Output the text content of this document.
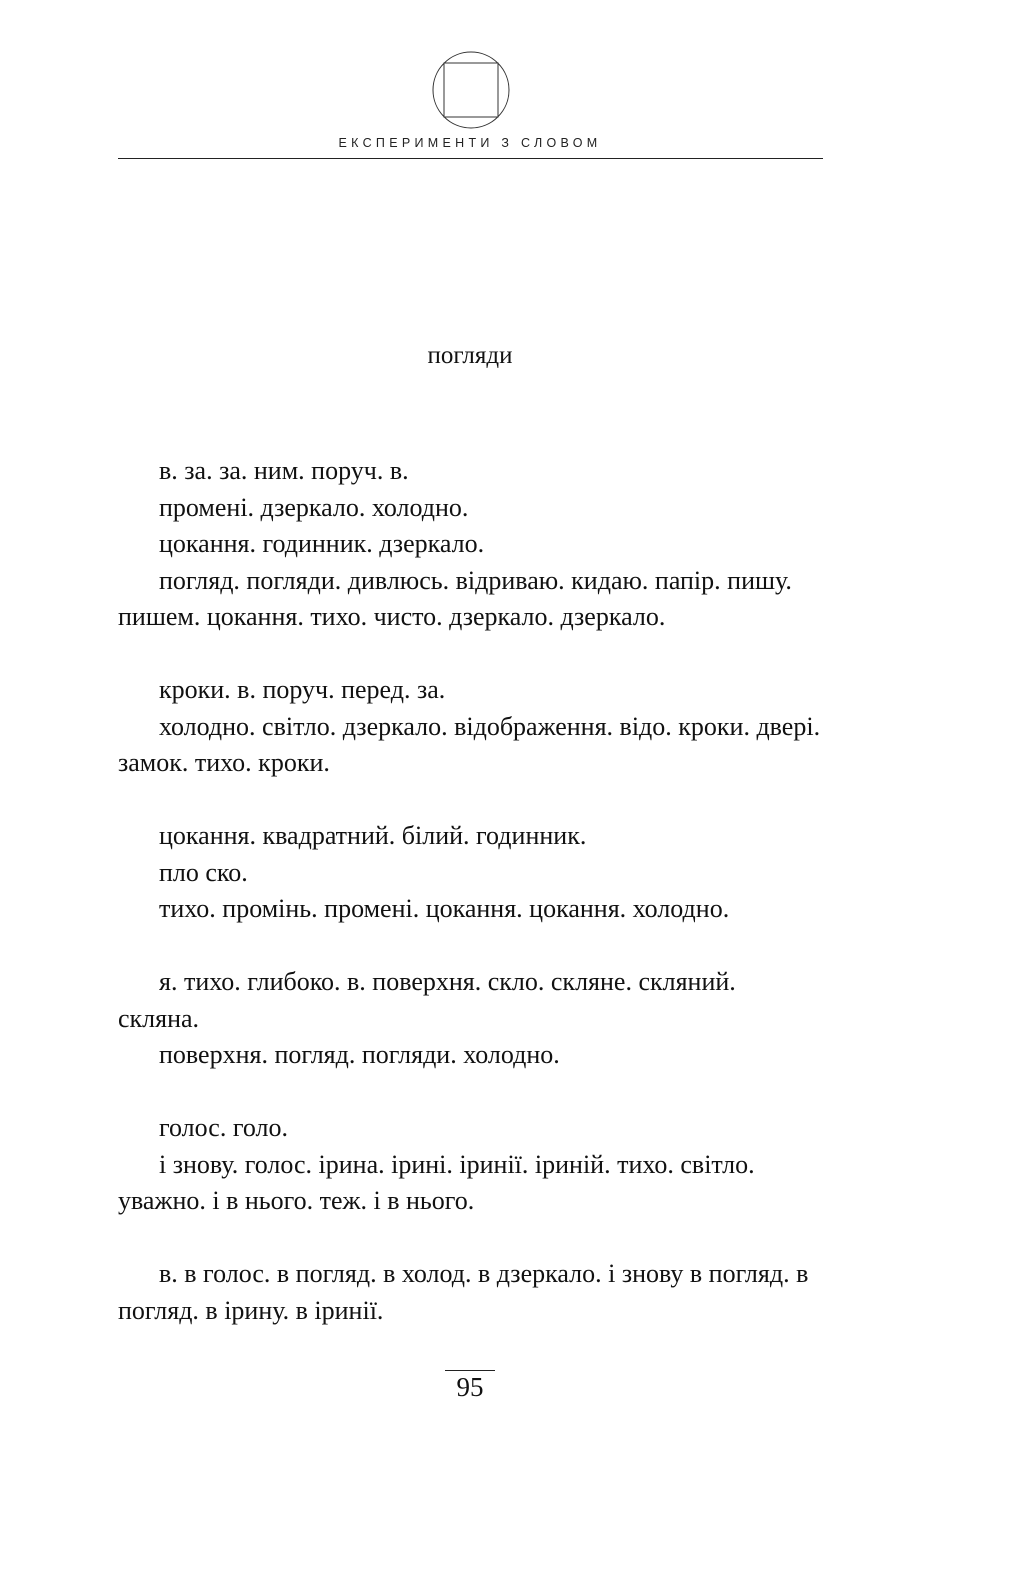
ЕКСПЕРИМЕНТИ З СЛОВОМ
погляди

в. за. за. ним. поруч. в.

промені. дзеркало. холодно.

цокання. годинник. дзеркало.

погляд. погляди. дивлюсь. відриваю. кидаю. папір. пишу. пишем. цокання. тихо. чисто. дзеркало. дзеркало.

кроки. в. поруч. перед. за.

холодно. світло. дзеркало. відображення. відо. кроки. двері. замок. тихо. кроки.

цокання. квадратний. білий. годинник.

пло ско.

тихо. промінь. промені. цокання. цокання. холодно.

я. тихо. глибоко. в. поверхня. скло. скляне. скляний. скляна.

поверхня. погляд. погляди. холодно.

голос. голо.

і знову. голос. ірина. ірині. іринії. іриній. тихо. світло. уважно. і в нього. теж. і в нього.

в. в голос. в погляд. в холод. в дзеркало. і знову в погляд. в погляд. в ірину. в іринії.

95
